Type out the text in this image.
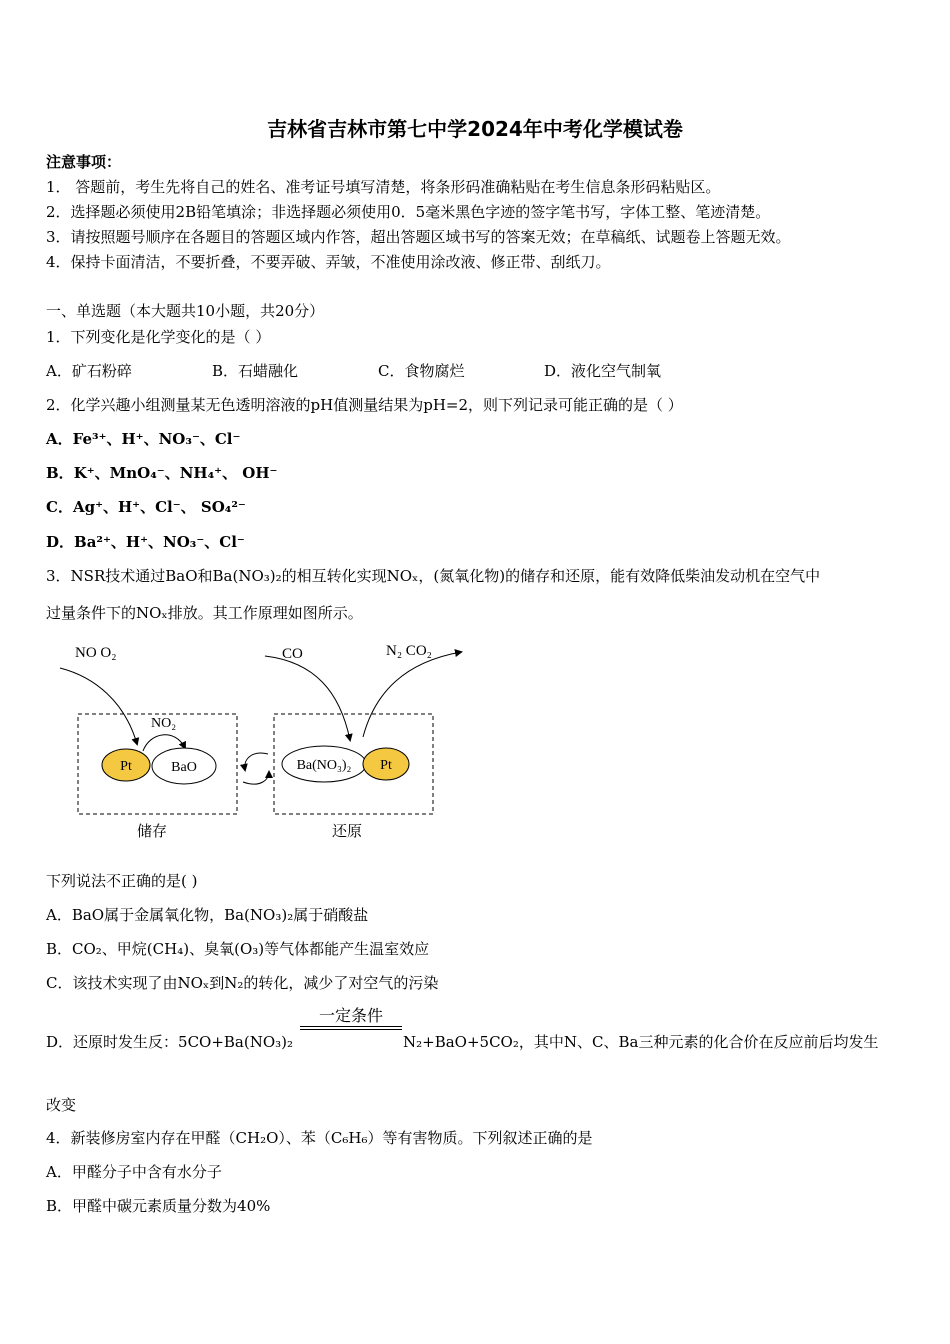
吉林省吉林市第七中学2024年中考化学模试卷
注意事项：
1． 答题前，考生先将自己的姓名、准考证号填写清楚，将条形码准确粘贴在考生信息条形码粘贴区。
2．选择题必须使用2B铅笔填涂；非选择题必须使用0．5毫米黑色字迹的签字笔书写，字体工整、笔迹清楚。
3．请按照题号顺序在各题目的答题区域内作答，超出答题区域书写的答案无效；在草稿纸、试题卷上答题无效。
4．保持卡面清洁，不要折叠，不要弄破、弄皱，不准使用涂改液、修正带、刮纸刀。
一、单选题（本大题共10小题，共20分）
1．下列变化是化学变化的是（ ）
A．矿石粉碎	B．石蜡融化	C．食物腐烂	D．液化空气制氧
2．化学兴趣小组测量某无色透明溶液的pH值测量结果为pH=2，则下列记录可能正确的是（ ）
A．Fe³⁺、H⁺、NO₃⁻、Cl⁻
B．K⁺、MnO₄⁻、NH₄⁺、 OH⁻
C．Ag⁺、H⁺、Cl⁻、 SO₄²⁻
D．Ba²⁺、H⁺、NO₃⁻、Cl⁻
3．NSR技术通过BaO和Ba(NO₃)₂的相互转化实现NOₓ，(氮氧化物)的储存和还原，能有效降低柴油发动机在空气中
过量条件下的NOₓ排放。其工作原理如图所示。
NO O₂
NO₂
Pt	BaO
CO	N₂ CO₂
Ba(NO₃)₂ Pt
储存	还原
下列说法不正确的是( )
A．BaO属于金属氧化物，Ba(NO₃)₂属于硝酸盐
B．CO₂、甲烷(CH₄)、臭氧(O₃)等气体都能产生温室效应
C．该技术实现了由NOₓ到N₂的转化，减少了对空气的污染
一定条件
D．还原时发生反：5CO+Ba(NO₃)₂	N₂+BaO+5CO₂，其中N、C、Ba三种元素的化合价在反应前后均发生
改变
4．新装修房室内存在甲醛（CH₂O）、苯（C₆H₆）等有害物质。下列叙述正确的是
A．甲醛分子中含有水分子
B．甲醛中碳元素质量分数为40%
